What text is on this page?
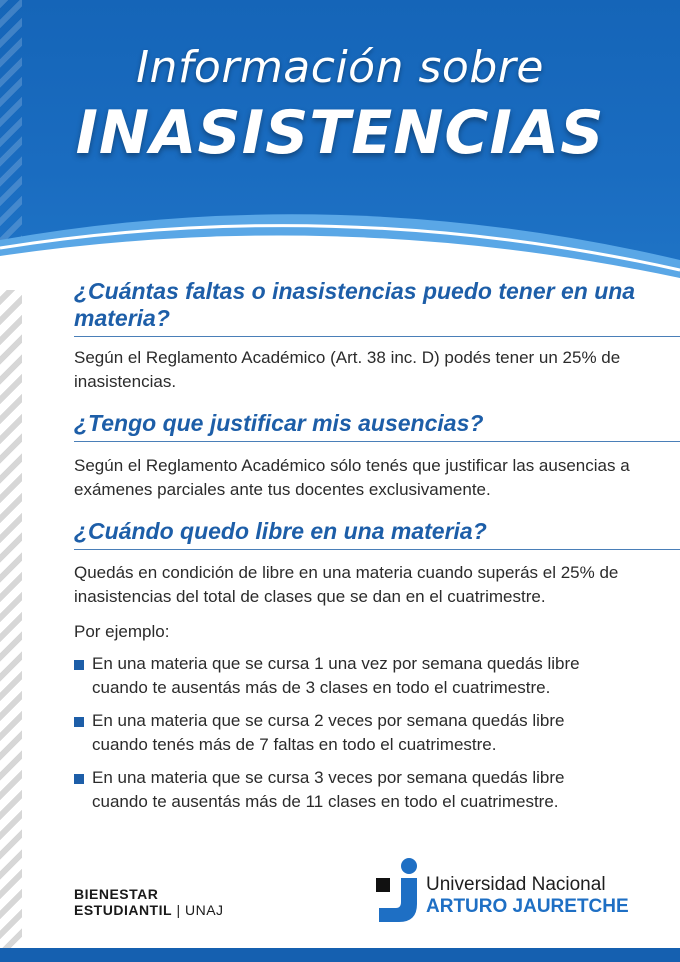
Información sobre
INASISTENCIAS
¿Cuántas faltas o inasistencias puedo tener en una materia?

Según el Reglamento Académico (Art. 38 inc. D) podés tener un 25% de inasistencias.

¿Tengo que justificar mis ausencias?

Según el Reglamento Académico sólo tenés que justificar las ausencias a exámenes parciales ante tus docentes exclusivamente.

¿Cuándo quedo libre en una materia?

Quedás en condición de libre en una materia cuando superás el 25% de inasistencias del total de clases que se dan en el cuatrimestre.

Por ejemplo:

En una materia que se cursa 1 una vez por semana quedás libre cuando te ausentás más de 3 clases en todo el cuatrimestre.
En una materia que se cursa 2 veces por semana quedás libre cuando tenés más de 7 faltas en todo el cuatrimestre.
En una materia que se cursa 3 veces por semana quedás libre cuando te ausentás más de 11 clases en todo el cuatrimestre.
BIENESTAR
ESTUDIANTIL | UNAJ
Universidad Nacional
ARTURO JAURETCHE
